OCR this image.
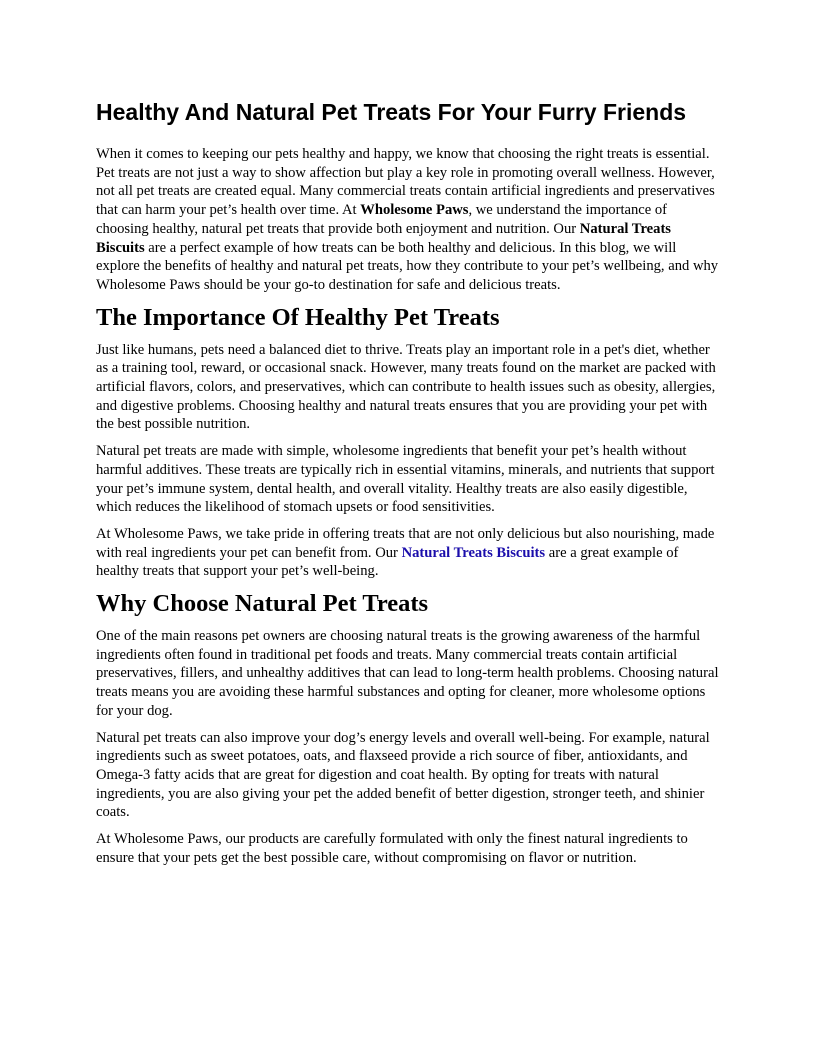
Healthy And Natural Pet Treats For Your Furry Friends

When it comes to keeping our pets healthy and happy, we know that choosing the right treats is essential. Pet treats are not just a way to show affection but play a key role in promoting overall wellness. However, not all pet treats are created equal. Many commercial treats contain artificial ingredients and preservatives that can harm your pet’s health over time. At Wholesome Paws, we understand the importance of choosing healthy, natural pet treats that provide both enjoyment and nutrition. Our Natural Treats Biscuits are a perfect example of how treats can be both healthy and delicious. In this blog, we will explore the benefits of healthy and natural pet treats, how they contribute to your pet’s wellbeing, and why Wholesome Paws should be your go-to destination for safe and delicious treats.

The Importance Of Healthy Pet Treats

Just like humans, pets need a balanced diet to thrive. Treats play an important role in a pet's diet, whether as a training tool, reward, or occasional snack. However, many treats found on the market are packed with artificial flavors, colors, and preservatives, which can contribute to health issues such as obesity, allergies, and digestive problems. Choosing healthy and natural treats ensures that you are providing your pet with the best possible nutrition.

Natural pet treats are made with simple, wholesome ingredients that benefit your pet’s health without harmful additives. These treats are typically rich in essential vitamins, minerals, and nutrients that support your pet’s immune system, dental health, and overall vitality. Healthy treats are also easily digestible, which reduces the likelihood of stomach upsets or food sensitivities.

At Wholesome Paws, we take pride in offering treats that are not only delicious but also nourishing, made with real ingredients your pet can benefit from. Our Natural Treats Biscuits are a great example of healthy treats that support your pet’s well-being.

Why Choose Natural Pet Treats

One of the main reasons pet owners are choosing natural treats is the growing awareness of the harmful ingredients often found in traditional pet foods and treats. Many commercial treats contain artificial preservatives, fillers, and unhealthy additives that can lead to long-term health problems. Choosing natural treats means you are avoiding these harmful substances and opting for cleaner, more wholesome options for your dog.

Natural pet treats can also improve your dog’s energy levels and overall well-being. For example, natural ingredients such as sweet potatoes, oats, and flaxseed provide a rich source of fiber, antioxidants, and Omega-3 fatty acids that are great for digestion and coat health. By opting for treats with natural ingredients, you are also giving your pet the added benefit of better digestion, stronger teeth, and shinier coats.

At Wholesome Paws, our products are carefully formulated with only the finest natural ingredients to ensure that your pets get the best possible care, without compromising on flavor or nutrition.
